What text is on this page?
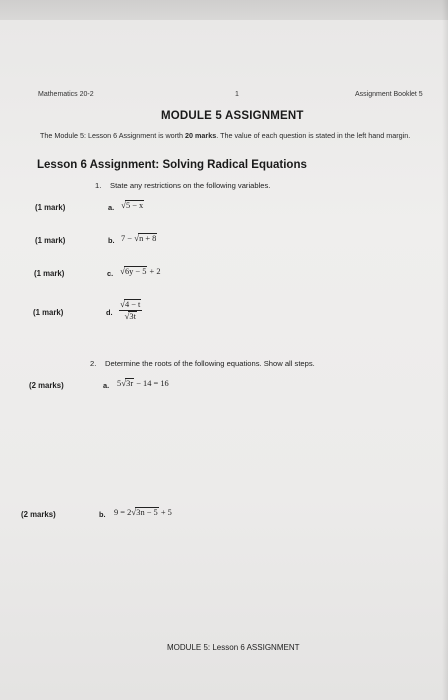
Mathematics 20-2	1	Assignment Booklet 5
MODULE 5 ASSIGNMENT
The Module 5: Lesson 6 Assignment is worth 20 marks. The value of each question is stated in the left hand margin.
Lesson 6 Assignment: Solving Radical Equations
1. State any restrictions on the following variables.
(1 mark)	a. √5 − x
(1 mark)	b. 7 − √n + 8
(1 mark)	c. √6y − 5 + 2
(1 mark)	d. $\frac{√4 - t}{√3t}$
2. Determine the roots of the following equations. Show all steps.
(2 marks)	a. 5√3r − 14 = 16
(2 marks)	b. 9 = 2√3n − 5 + 5
MODULE 5: Lesson 6 ASSIGNMENT
